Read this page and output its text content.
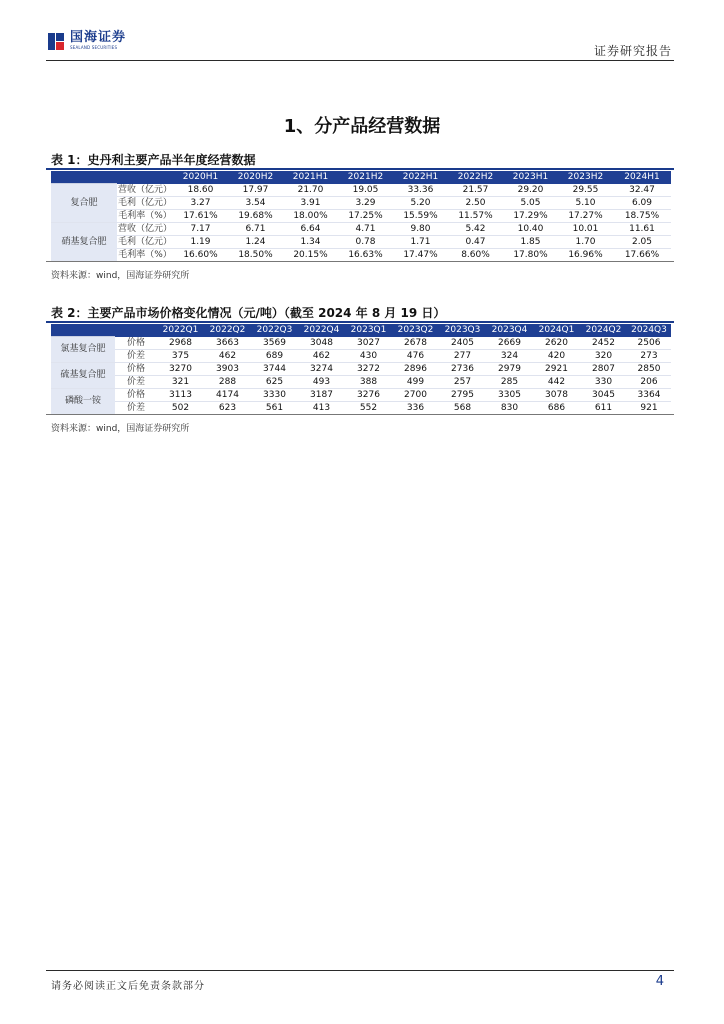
国海证券
SEALAND SECURITIES	证券研究报告
1、分产品经营数据
表 1：史丹利主要产品半年度经营数据
		2020H1	2020H2	2021H1	2021H2	2022H1	2022H2	2023H1	2023H2	2024H1
复合肥	营收（亿元）	18.60	17.97	21.70	19.05	33.36	21.57	29.20	29.55	32.47
	毛利（亿元）	3.27	3.54	3.91	3.29	5.20	2.50	5.05	5.10	6.09
	毛利率（%）	17.61%	19.68%	18.00%	17.25%	15.59%	11.57%	17.29%	17.27%	18.75%
硝基复合肥	营收（亿元）	7.17	6.71	6.64	4.71	9.80	5.42	10.40	10.01	11.61
	毛利（亿元）	1.19	1.24	1.34	0.78	1.71	0.47	1.85	1.70	2.05
	毛利率（%）	16.60%	18.50%	20.15%	16.63%	17.47%	8.60%	17.80%	16.96%	17.66%
资料来源：wind，国海证券研究所
表 2：主要产品市场价格变化情况（元/吨）（截至 2024 年 8 月 19 日）
		2022Q1	2022Q2	2022Q3	2022Q4	2023Q1	2023Q2	2023Q3	2023Q4	2024Q1	2024Q2	2024Q3
氯基复合肥	价格	2968	3663	3569	3048	3027	2678	2405	2669	2620	2452	2506
	价差	375	462	689	462	430	476	277	324	420	320	273
硫基复合肥	价格	3270	3903	3744	3274	3272	2896	2736	2979	2921	2807	2850
	价差	321	288	625	493	388	499	257	285	442	330	206
磷酸一铵	价格	3113	4174	3330	3187	3276	2700	2795	3305	3078	3045	3364
	价差	502	623	561	413	552	336	568	830	686	611	921
资料来源：wind，国海证券研究所
请务必阅读正文后免责条款部分	4
